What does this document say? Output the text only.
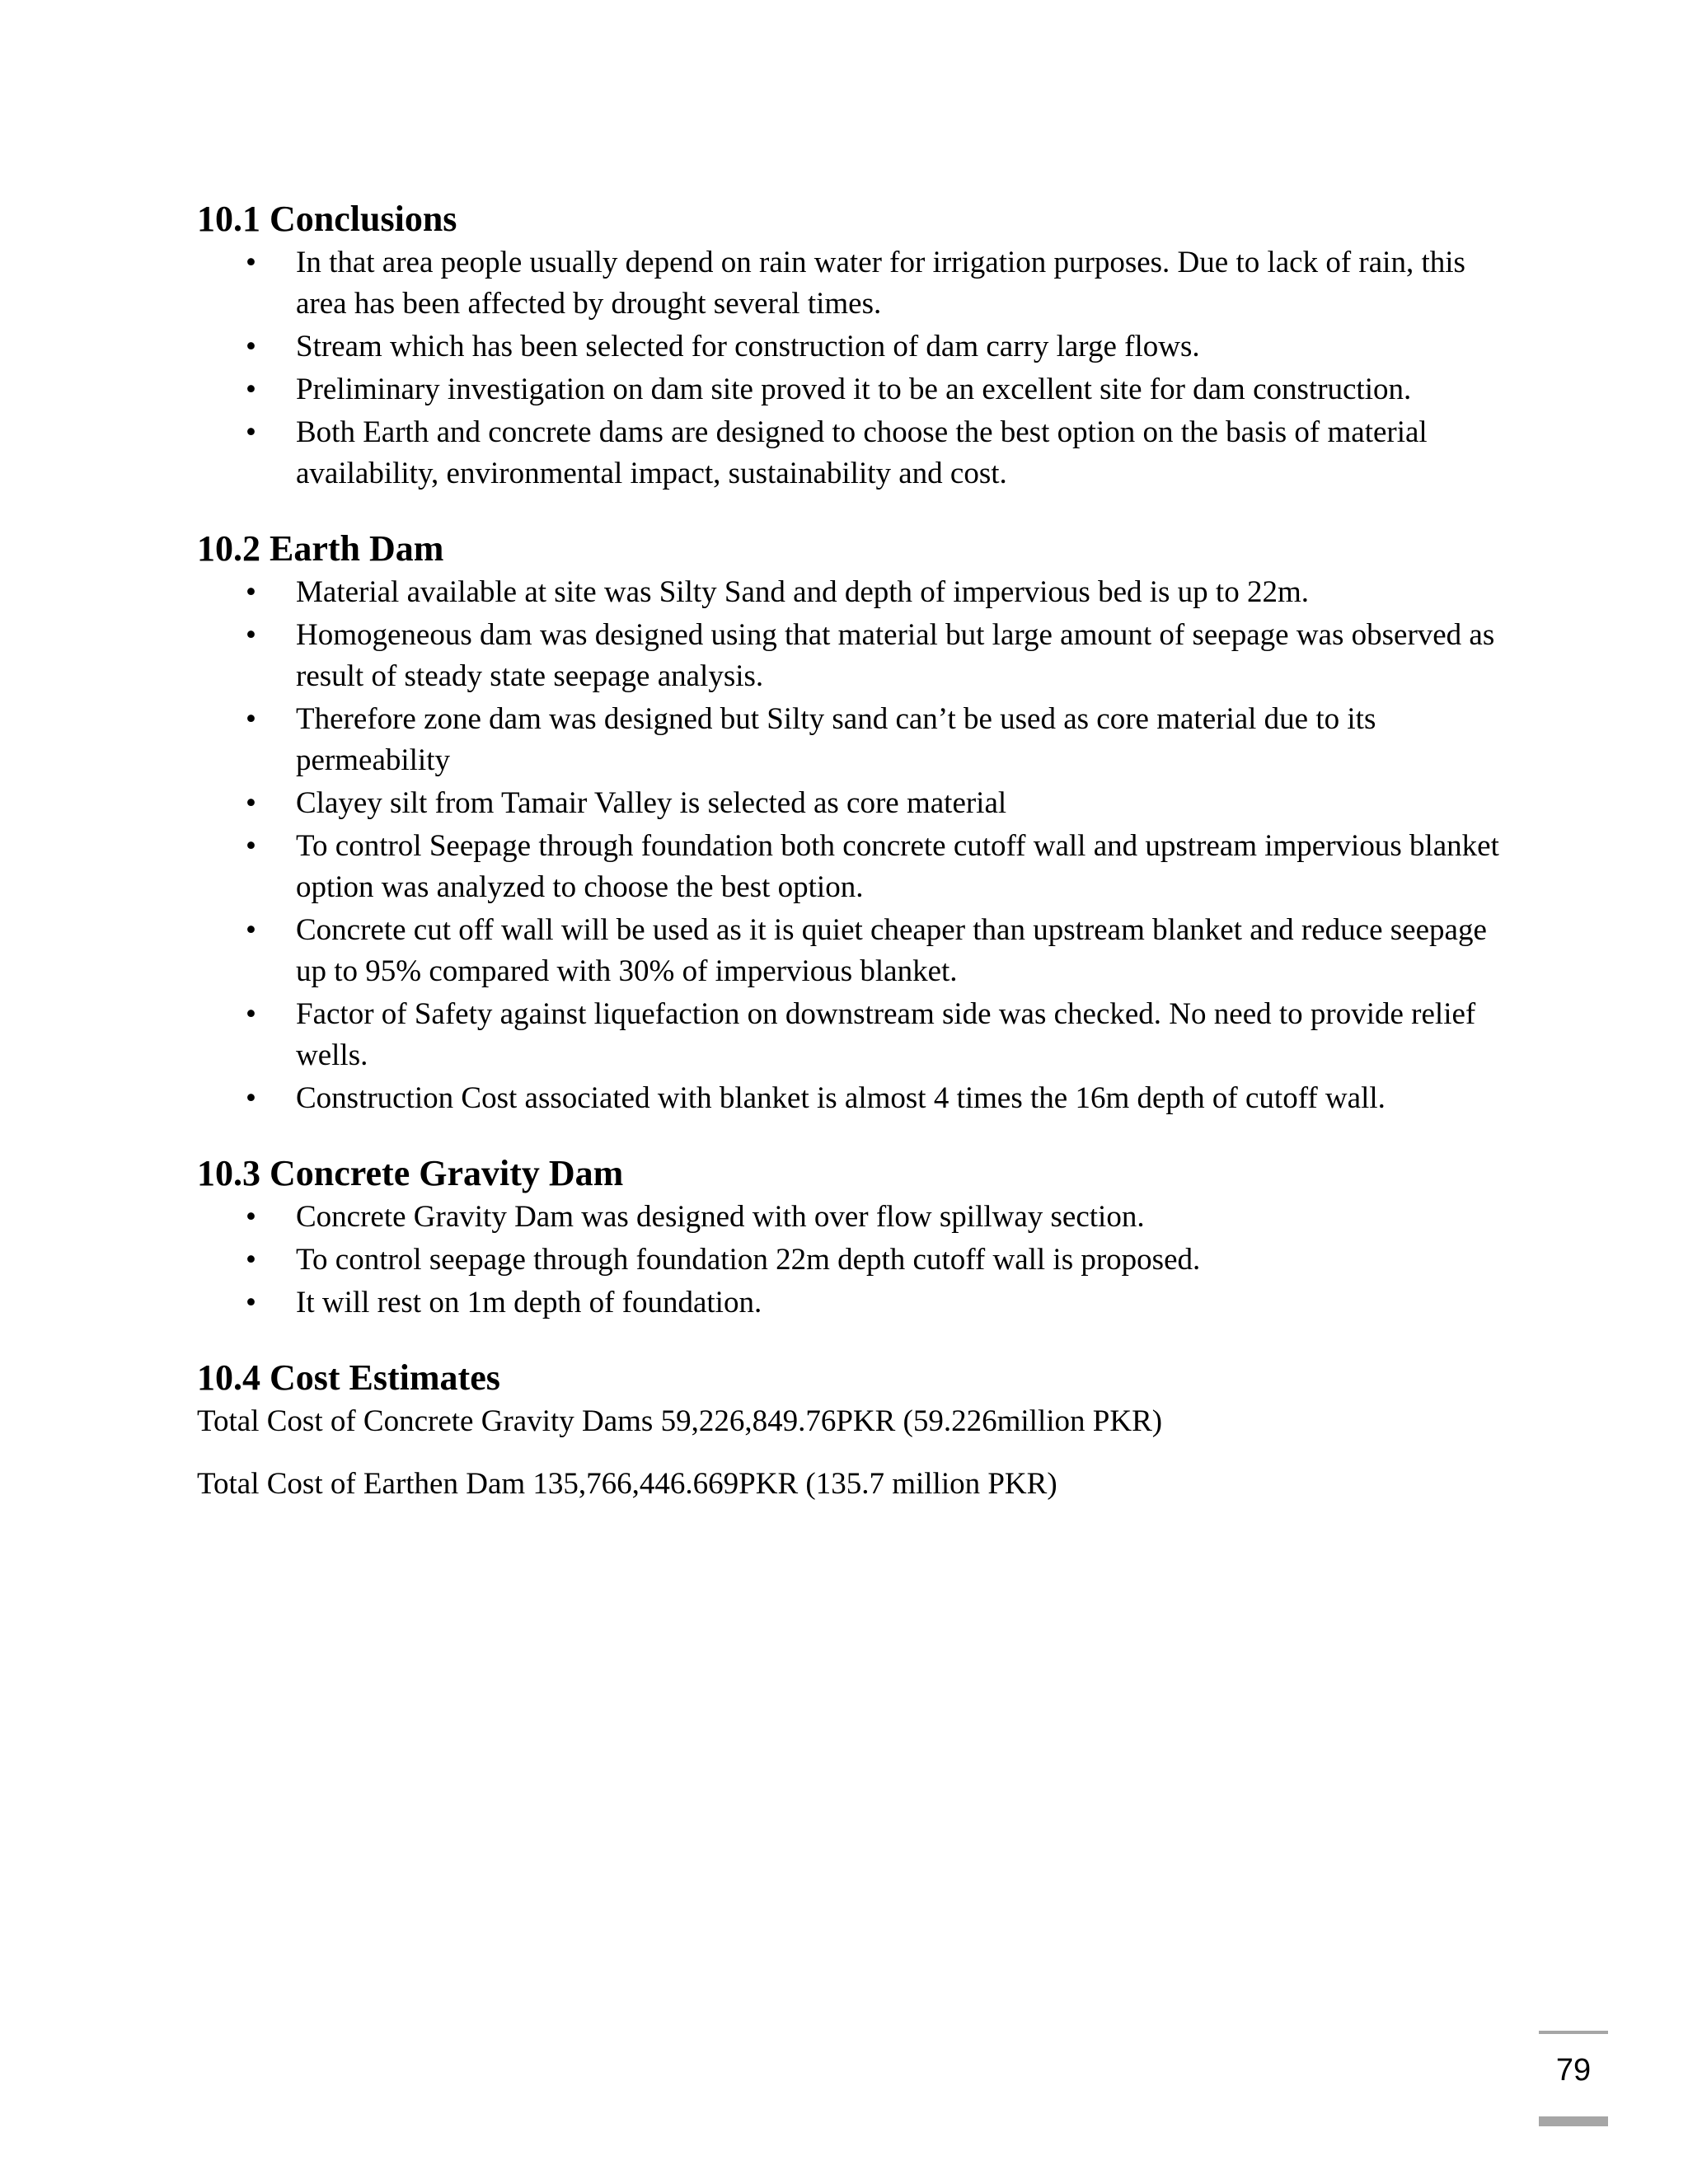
10.1 Conclusions
•	In that area people usually depend on rain water for irrigation purposes. Due to lack of rain, this area has been affected by drought several times.
•	Stream which has been selected for construction of dam carry large flows.
•	Preliminary investigation on dam site proved it to be an excellent site for dam construction.
•	Both Earth and concrete dams are designed to choose the best option on the basis of material availability, environmental impact, sustainability and cost.
10.2 Earth Dam
•	Material available at site was Silty Sand and depth of impervious bed is up to 22m.
•	Homogeneous dam was designed using that material but large amount of seepage was observed as result of steady state seepage analysis.
•	Therefore zone dam was designed but Silty sand can’t be used as core material due to its permeability
•	Clayey silt from Tamair Valley is selected as core material
•	To control Seepage through foundation both concrete cutoff wall and upstream impervious blanket option was analyzed to choose the best option.
•	Concrete cut off wall will be used as it is quiet cheaper than upstream blanket and reduce seepage up to 95% compared with 30% of impervious blanket.
•	Factor of Safety against liquefaction on downstream side was checked. No need to provide relief wells.
•	Construction Cost associated with blanket is almost 4 times the 16m depth of cutoff wall.
10.3 Concrete Gravity Dam
•	Concrete Gravity Dam was designed with over flow spillway section.
•	To control seepage through foundation 22m depth cutoff wall is proposed.
•	It will rest on 1m depth of foundation.
10.4 Cost Estimates

Total Cost of Concrete Gravity Dams 59,226,849.76PKR (59.226million PKR)

Total Cost of Earthen Dam 135,766,446.669PKR (135.7 million PKR)

79
